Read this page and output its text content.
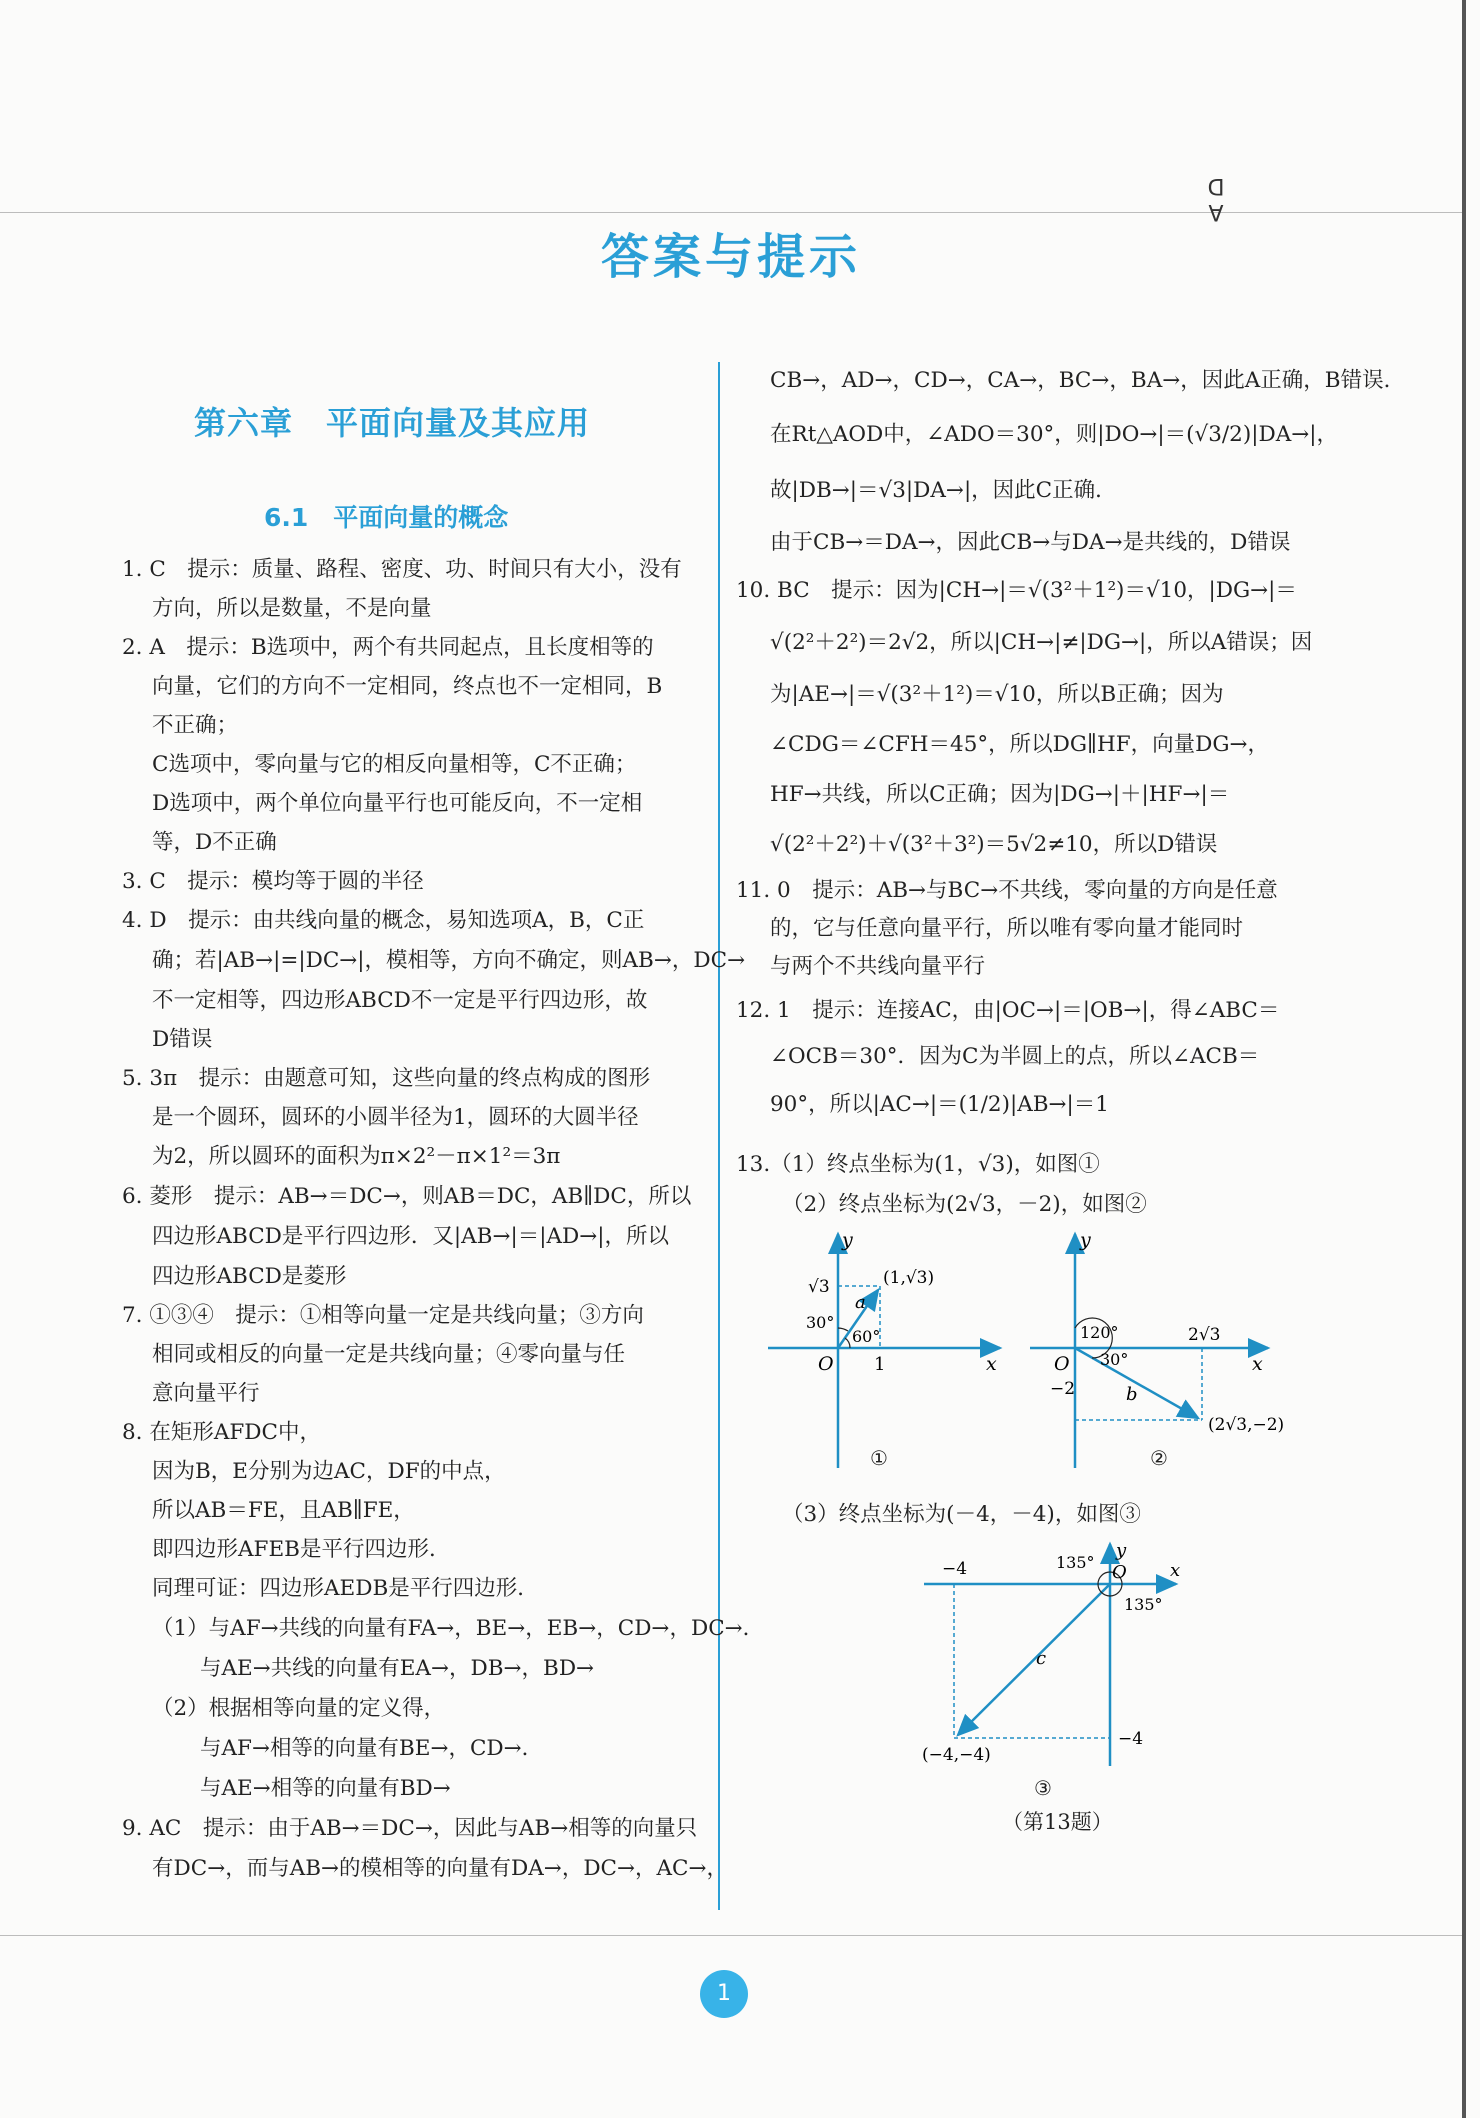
A
D
答案与提示
第六章　平面向量及其应用
6.1　平面向量的概念
1. C　提示：质量、路程、密度、功、时间只有大小，没有
方向，所以是数量，不是向量
2. A　提示：B选项中，两个有共同起点，且长度相等的
向量，它们的方向不一定相同，终点也不一定相同，B
不正确；
C选项中，零向量与它的相反向量相等，C不正确；
D选项中，两个单位向量平行也可能反向，不一定相
等，D不正确
3. C　提示：模均等于圆的半径
4. D　提示：由共线向量的概念，易知选项A，B，C正
确；若|AB→|=|DC→|，模相等，方向不确定，则AB→，DC→
不一定相等，四边形ABCD不一定是平行四边形，故
D错误
5. 3π　提示：由题意可知，这些向量的终点构成的图形
是一个圆环，圆环的小圆半径为1，圆环的大圆半径
为2，所以圆环的面积为π×2²－π×1²＝3π
6. 菱形　提示：AB→＝DC→，则AB＝DC，AB∥DC，所以
四边形ABCD是平行四边形．又|AB→|＝|AD→|，所以
四边形ABCD是菱形
7. ①③④　提示：①相等向量一定是共线向量；③方向
相同或相反的向量一定是共线向量；④零向量与任
意向量平行
8. 在矩形AFDC中，
因为B，E分别为边AC，DF的中点，
所以AB＝FE，且AB∥FE，
即四边形AFEB是平行四边形．
同理可证：四边形AEDB是平行四边形．
（1）与AF→共线的向量有FA→，BE→，EB→，CD→，DC→．
与AE→共线的向量有EA→，DB→，BD→
（2）根据相等向量的定义得，
与AF→相等的向量有BE→，CD→．
与AE→相等的向量有BD→
9. AC　提示：由于AB→＝DC→，因此与AB→相等的向量只
有DC→，而与AB→的模相等的向量有DA→，DC→，AC→，
CB→，AD→，CD→，CA→，BC→，BA→，因此A正确，B错误．
在Rt△AOD中，∠ADO＝30°，则|DO→|＝(√3/2)|DA→|，
故|DB→|＝√3|DA→|，因此C正确．
由于CB→＝DA→，因此CB→与DA→是共线的，D错误
10. BC　提示：因为|CH→|＝√(3²＋1²)＝√10，|DG→|＝
√(2²＋2²)＝2√2，所以|CH→|≠|DG→|，所以A错误；因
为|AE→|＝√(3²＋1²)＝√10，所以B正确；因为
∠CDG＝∠CFH＝45°，所以DG∥HF，向量DG→，
HF→共线，所以C正确；因为|DG→|＋|HF→|＝
√(2²＋2²)＋√(3²＋3²)＝5√2≠10，所以D错误
11. 0　提示：AB→与BC→不共线，零向量的方向是任意
的，它与任意向量平行，所以唯有零向量才能同时
与两个不共线向量平行
12. 1　提示：连接AC，由|OC→|＝|OB→|，得∠ABC＝
∠OCB＝30°．因为C为半圆上的点，所以∠ACB＝
90°，所以|AC→|＝(1/2)|AB→|＝1
13.（1）终点坐标为(1，√3)，如图①
（2）终点坐标为(2√3，－2)，如图②
（3）终点坐标为(－4，－4)，如图③
y
x
O 1
√3
a
(1,√3)
30°
60°
①
y
x
O
−2
2√3
b
(2√3,−2)
120°
30°
②
y
x
O
−4
−4
c
(−4,−4)
135°
135°
③
（第13题）
1
